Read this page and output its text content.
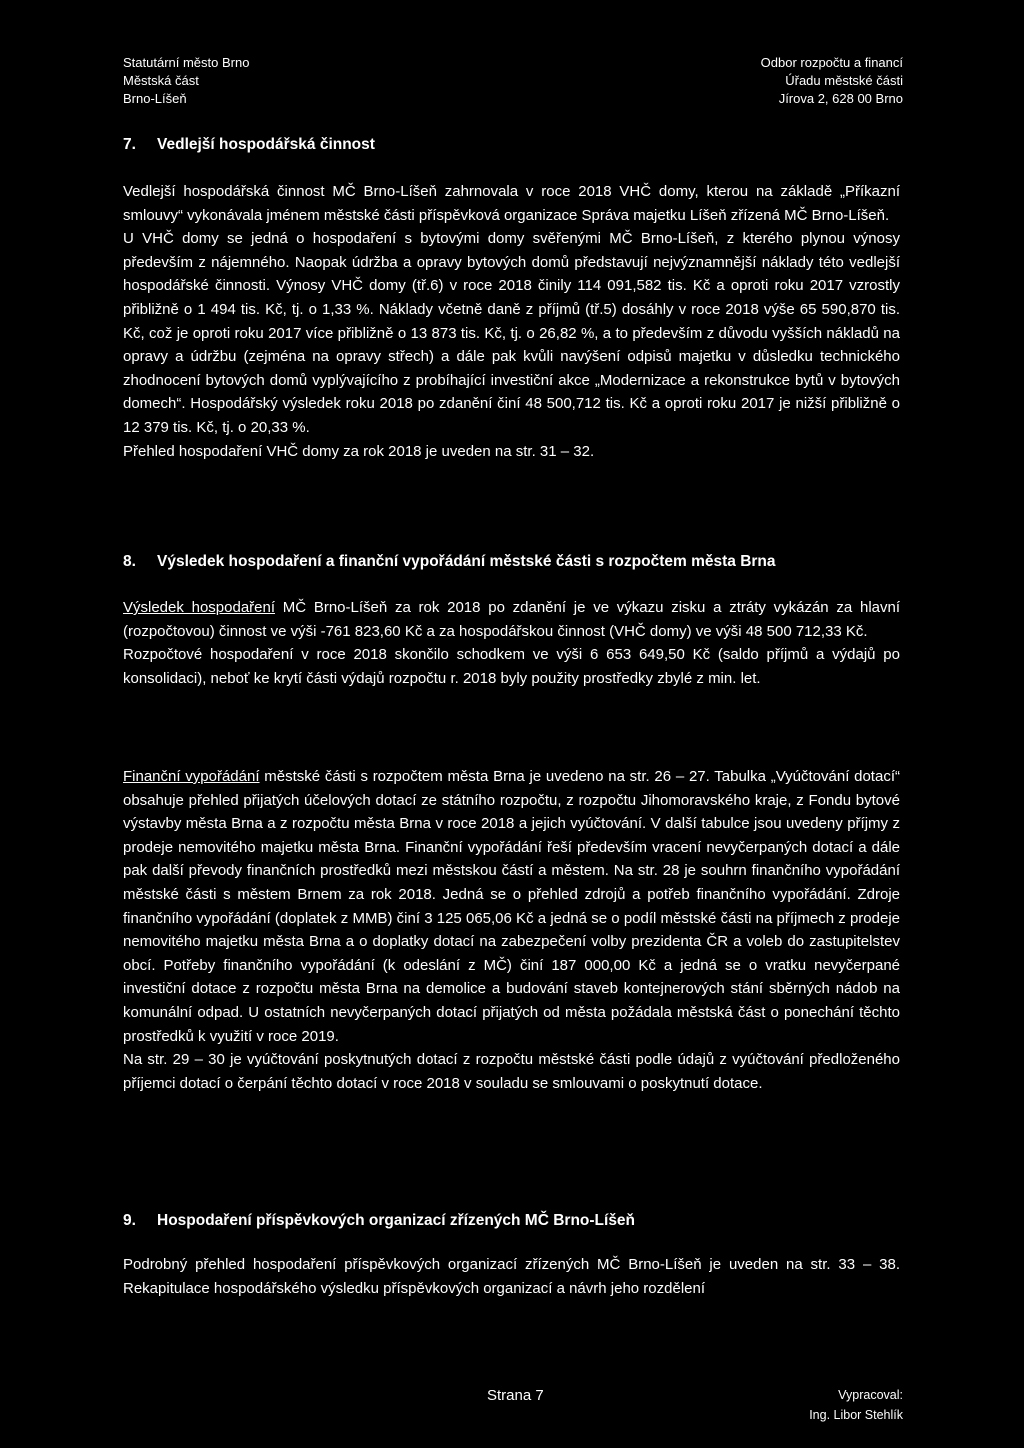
Statutární město Brno
Městská část
Brno-Líšeň
Odbor rozpočtu a financí
Úřadu městské části
Jírova 2, 628 00 Brno
7. Vedlejší hospodářská činnost

Vedlejší hospodářská činnost MČ Brno-Líšeň zahrnovala v roce 2018 VHČ domy, kterou na základě „Příkazní smlouvy“ vykonávala jménem městské části příspěvková organizace Správa majetku Líšeň zřízená MČ Brno-Líšeň.

U VHČ domy se jedná o hospodaření s bytovými domy svěřenými MČ Brno-Líšeň, z kterého plynou výnosy především z nájemného. Naopak údržba a opravy bytových domů představují nejvýznamnější náklady této vedlejší hospodářské činnosti. Výnosy VHČ domy (tř.6) v roce 2018 činily 114 091,582 tis. Kč a oproti roku 2017 vzrostly přibližně o 1 494 tis. Kč, tj. o 1,33 %. Náklady včetně daně z příjmů (tř.5) dosáhly v roce 2018 výše 65 590,870 tis. Kč, což je oproti roku 2017 více přibližně o 13 873 tis. Kč, tj. o 26,82 %, a to především z důvodu vyšších nákladů na opravy a údržbu (zejména na opravy střech) a dále pak kvůli navýšení odpisů majetku v důsledku technického zhodnocení bytových domů vyplývajícího z probíhající investiční akce „Modernizace a rekonstrukce bytů v bytových domech“. Hospodářský výsledek roku 2018 po zdanění činí 48 500,712 tis. Kč a oproti roku 2017 je nižší přibližně o 12 379 tis. Kč, tj. o 20,33 %.

Přehled hospodaření VHČ domy za rok 2018 je uveden na str. 31 – 32.

8. Výsledek hospodaření a finanční vypořádání městské části s rozpočtem města Brna

Výsledek hospodaření MČ Brno-Líšeň za rok 2018 po zdanění je ve výkazu zisku a ztráty vykázán za hlavní (rozpočtovou) činnost ve výši -761 823,60 Kč a za hospodářskou činnost (VHČ domy) ve výši 48 500 712,33 Kč.

Rozpočtové hospodaření v roce 2018 skončilo schodkem ve výši 6 653 649,50 Kč (saldo příjmů a výdajů po konsolidaci), neboť ke krytí části výdajů rozpočtu r. 2018 byly použity prostředky zbylé z min. let.

Finanční vypořádání městské části s rozpočtem města Brna je uvedeno na str. 26 – 27. Tabulka „Vyúčtování dotací“ obsahuje přehled přijatých účelových dotací ze státního rozpočtu, z rozpočtu Jihomoravského kraje, z Fondu bytové výstavby města Brna a z rozpočtu města Brna v roce 2018 a jejich vyúčtování. V další tabulce jsou uvedeny příjmy z prodeje nemovitého majetku města Brna. Finanční vypořádání řeší především vracení nevyčerpaných dotací a dále pak další převody finančních prostředků mezi městskou částí a městem. Na str. 28 je souhrn finančního vypořádání městské části s městem Brnem za rok 2018. Jedná se o přehled zdrojů a potřeb finančního vypořádání. Zdroje finančního vypořádání (doplatek z MMB) činí 3 125 065,06 Kč a jedná se o podíl městské části na příjmech z prodeje nemovitého majetku města Brna a o doplatky dotací na zabezpečení volby prezidenta ČR a voleb do zastupitelstev obcí. Potřeby finančního vypořádání (k odeslání z MČ) činí 187 000,00 Kč a jedná se o vratku nevyčerpané investiční dotace z rozpočtu města Brna na demolice a budování staveb kontejnerových stání sběrných nádob na komunální odpad. U ostatních nevyčerpaných dotací přijatých od města požádala městská část o ponechání těchto prostředků k využití v roce 2019.

Na str. 29 – 30 je vyúčtování poskytnutých dotací z rozpočtu městské části podle údajů z vyúčtování předloženého příjemci dotací o čerpání těchto dotací v roce 2018 v souladu se smlouvami o poskytnutí dotace.

9. Hospodaření příspěvkových organizací zřízených MČ Brno-Líšeň

Podrobný přehled hospodaření příspěvkových organizací zřízených MČ Brno-Líšeň je uveden na str. 33 – 38. Rekapitulace hospodářského výsledku příspěvkových organizací a návrh jeho rozdělení

Strana 7	Vypracoval:
Ing. Libor Stehlík
